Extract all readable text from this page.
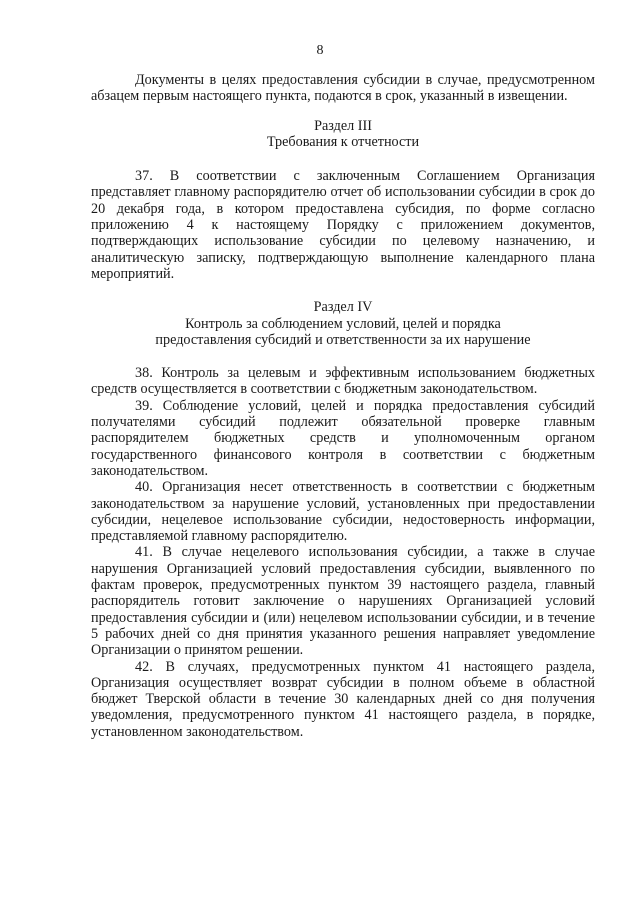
8

Документы в целях предоставления субсидии в случае, предусмотренном абзацем первым настоящего пункта, подаются в срок, указанный в извещении.

Раздел III

Требования к отчетности

37. В соответствии с заключенным Соглашением Организация представляет главному распорядителю отчет об использовании субсидии в срок до 20 декабря года, в котором предоставлена субсидия, по форме согласно приложению 4 к настоящему Порядку с приложением документов, подтверждающих использование субсидии по целевому назначению, и аналитическую записку, подтверждающую выполнение календарного плана мероприятий.

Раздел IV

Контроль за соблюдением условий, целей и порядка

предоставления субсидий и ответственности за их нарушение

38. Контроль за целевым и эффективным использованием бюджетных средств осуществляется в соответствии с бюджетным законодательством.

39. Соблюдение условий, целей и порядка предоставления субсидий получателями субсидий подлежит обязательной проверке главным распорядителем бюджетных средств и уполномоченным органом государственного финансового контроля в соответствии с бюджетным законодательством.

40. Организация несет ответственность в соответствии с бюджетным законодательством за нарушение условий, установленных при предоставлении субсидии, нецелевое использование субсидии, недостоверность информации, представляемой главному распорядителю.

41. В случае нецелевого использования субсидии, а также в случае нарушения Организацией условий предоставления субсидии, выявленного по фактам проверок, предусмотренных пунктом 39 настоящего раздела, главный распорядитель готовит заключение о нарушениях Организацией условий предоставления субсидии и (или) нецелевом использовании субсидии, и в течение 5 рабочих дней со дня принятия указанного решения направляет уведомление Организации о принятом решении.

42. В случаях, предусмотренных пунктом 41 настоящего раздела, Организация осуществляет возврат субсидии в полном объеме в областной бюджет Тверской области в течение 30 календарных дней со дня получения уведомления, предусмотренного пунктом 41 настоящего раздела, в порядке, установленном законодательством.
